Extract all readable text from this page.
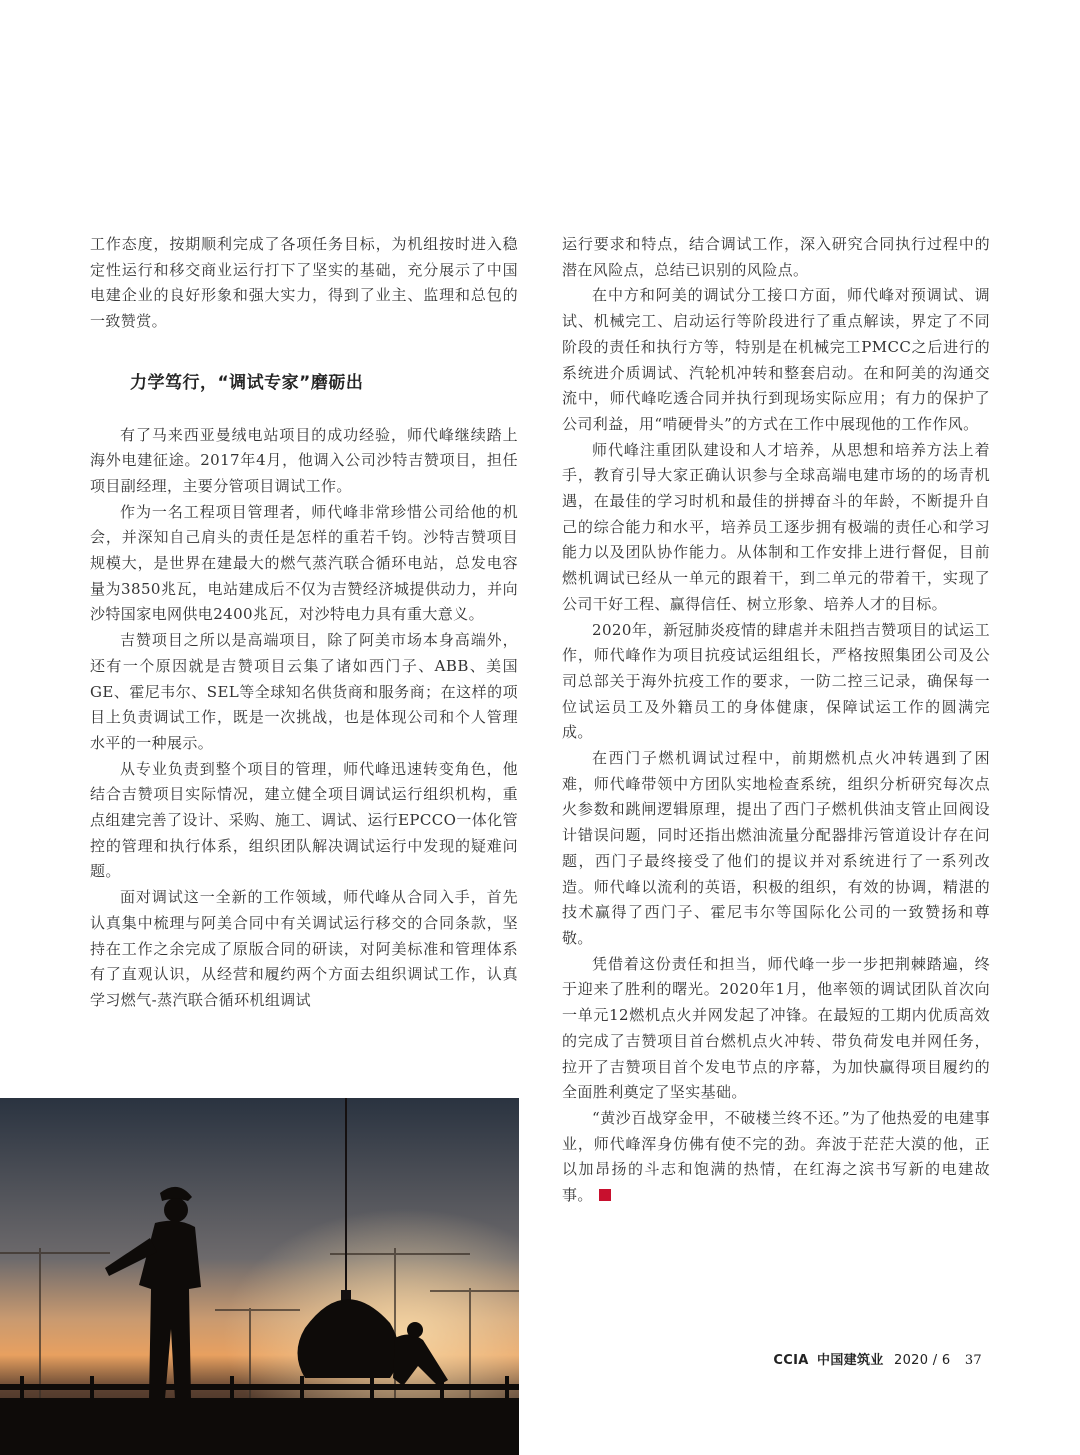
工作态度，按期顺利完成了各项任务目标，为机组按时进入稳定性运行和移交商业运行打下了坚实的基础，充分展示了中国电建企业的良好形象和强大实力，得到了业主、监理和总包的一致赞赏。

力学笃行，“调试专家”磨砺出

有了马来西亚曼绒电站项目的成功经验，师代峰继续踏上海外电建征途。2017年4月，他调入公司沙特吉赞项目，担任项目副经理，主要分管项目调试工作。

作为一名工程项目管理者，师代峰非常珍惜公司给他的机会，并深知自己肩头的责任是怎样的重若千钧。沙特吉赞项目规模大，是世界在建最大的燃气蒸汽联合循环电站，总发电容量为3850兆瓦，电站建成后不仅为吉赞经济城提供动力，并向沙特国家电网供电2400兆瓦，对沙特电力具有重大意义。

吉赞项目之所以是高端项目，除了阿美市场本身高端外，还有一个原因就是吉赞项目云集了诸如西门子、ABB、美国GE、霍尼韦尔、SEL等全球知名供货商和服务商；在这样的项目上负责调试工作，既是一次挑战，也是体现公司和个人管理水平的一种展示。

从专业负责到整个项目的管理，师代峰迅速转变角色，他结合吉赞项目实际情况，建立健全项目调试运行组织机构，重点组建完善了设计、采购、施工、调试、运行EPCCO一体化管控的管理和执行体系，组织团队解决调试运行中发现的疑难问题。

面对调试这一全新的工作领域，师代峰从合同入手，首先认真集中梳理与阿美合同中有关调试运行移交的合同条款，坚持在工作之余完成了原版合同的研读，对阿美标准和管理体系有了直观认识，从经营和履约两个方面去组织调试工作，认真学习燃气-蒸汽联合循环机组调试

运行要求和特点，结合调试工作，深入研究合同执行过程中的潜在风险点，总结已识别的风险点。

在中方和阿美的调试分工接口方面，师代峰对预调试、调试、机械完工、启动运行等阶段进行了重点解读，界定了不同阶段的责任和执行方等，特别是在机械完工PMCC之后进行的系统进介质调试、汽轮机冲转和整套启动。在和阿美的沟通交流中，师代峰吃透合同并执行到现场实际应用；有力的保护了公司利益，用“啃硬骨头”的方式在工作中展现他的工作作风。

师代峰注重团队建设和人才培养，从思想和培养方法上着手，教育引导大家正确认识参与全球高端电建市场的的场青机遇，在最佳的学习时机和最佳的拼搏奋斗的年龄，不断提升自己的综合能力和水平，培养员工逐步拥有极端的责任心和学习能力以及团队协作能力。从体制和工作安排上进行督促，目前燃机调试已经从一单元的跟着干，到二单元的带着干，实现了公司干好工程、赢得信任、树立形象、培养人才的目标。

2020年，新冠肺炎疫情的肆虐并未阻挡吉赞项目的试运工作，师代峰作为项目抗疫试运组组长，严格按照集团公司及公司总部关于海外抗疫工作的要求，一防二控三记录，确保每一位试运员工及外籍员工的身体健康，保障试运工作的圆满完成。

在西门子燃机调试过程中，前期燃机点火冲转遇到了困难，师代峰带领中方团队实地检查系统，组织分析研究每次点火参数和跳闸逻辑原理，提出了西门子燃机供油支管止回阀设计错误问题，同时还指出燃油流量分配器排污管道设计存在问题，西门子最终接受了他们的提议并对系统进行了一系列改造。师代峰以流利的英语，积极的组织，有效的协调，精湛的技术赢得了西门子、霍尼韦尔等国际化公司的一致赞扬和尊敬。

凭借着这份责任和担当，师代峰一步一步把荆棘踏遍，终于迎来了胜利的曙光。2020年1月，他率领的调试团队首次向一单元12燃机点火并网发起了冲锋。在最短的工期内优质高效的完成了吉赞项目首台燃机点火冲转、带负荷发电并网任务，拉开了吉赞项目首个发电节点的序幕，为加快赢得项目履约的全面胜利奠定了坚实基础。

“黄沙百战穿金甲，不破楼兰终不还。”为了他热爱的电建事业，师代峰浑身仿佛有使不完的劲。奔波于茫茫大漠的他，正以加昂扬的斗志和饱满的热情，在红海之滨书写新的电建故事。

CCIA 中国建筑业 2020 / 6 37
